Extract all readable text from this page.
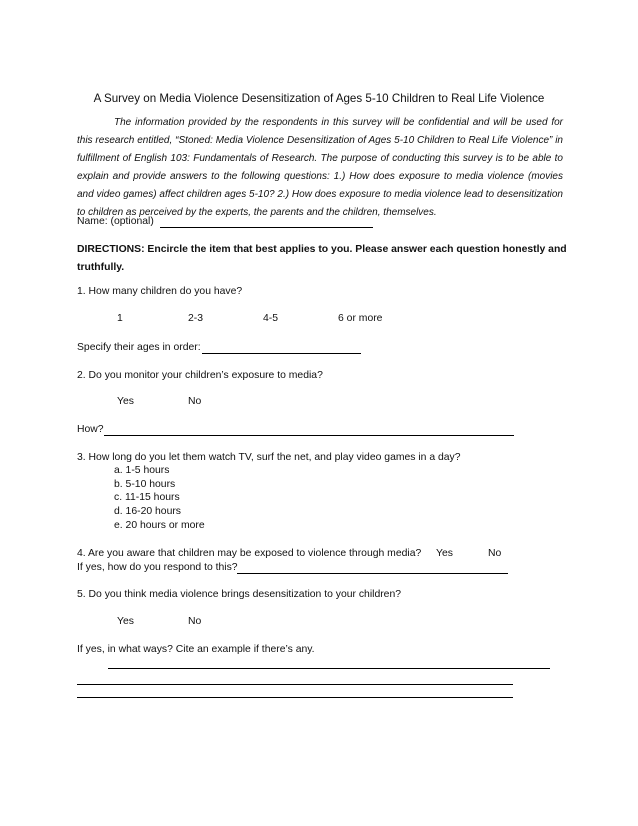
A Survey on Media Violence Desensitization of Ages 5-10 Children to Real Life Violence
The information provided by the respondents in this survey will be confidential and will be used for this research entitled, “Stoned: Media Violence Desensitization of Ages 5-10 Children to Real Life Violence” in fulfillment of English 103: Fundamentals of Research. The purpose of conducting this survey is to be able to explain and provide answers to the following questions: 1.) How does exposure to media violence (movies and video games) affect children ages 5-10? 2.) How does exposure to media violence lead to desensitization to children as perceived by the experts, the parents and the children, themselves.
Name: (optional)
DIRECTIONS: Encircle the item that best applies to you. Please answer each question honestly and truthfully.
1. How many children do you have?
1	2-3	4-5	6 or more
Specify their ages in order:
2. Do you monitor your children’s exposure to media?
Yes	No
How?
3. How long do you let them watch TV, surf the net, and play video games in a day?
a. 1-5 hours
b. 5-10 hours
c. 11-15 hours
d. 16-20 hours
e. 20 hours or more
4. Are you aware that children may be exposed to violence through media? Yes	No
If yes, how do you respond to this?
5. Do you think media violence brings desensitization to your children?
Yes	No
If yes, in what ways? Cite an example if there’s any.
